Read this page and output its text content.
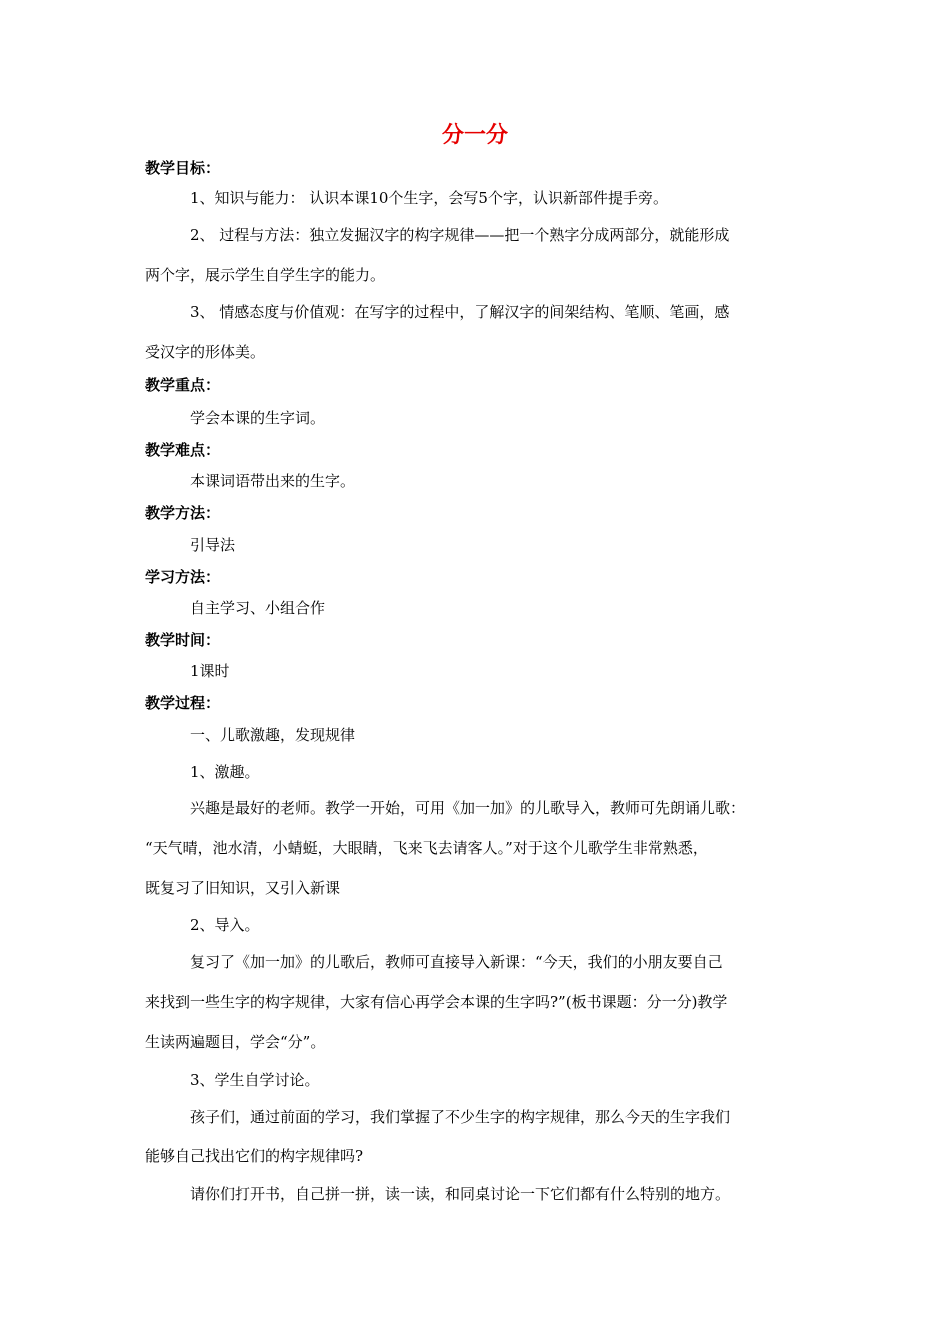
分一分
教学目标：
1、知识与能力： 认识本课10个生字，会写5个字，认识新部件提手旁。
2、 过程与方法：独立发掘汉字的构字规律——把一个熟字分成两部分，就能形成
两个字，展示学生自学生字的能力。
3、 情感态度与价值观：在写字的过程中，了解汉字的间架结构、笔顺、笔画，感
受汉字的形体美。
教学重点：
学会本课的生字词。
教学难点：
本课词语带出来的生字。
教学方法：
引导法
学习方法：
自主学习、小组合作
教学时间：
1课时
教学过程：
一、儿歌激趣，发现规律
1、激趣。
兴趣是最好的老师。教学一开始，可用《加一加》的儿歌导入，教师可先朗诵儿歌：
“天气晴，池水清，小蜻蜓，大眼睛，飞来飞去请客人。”对于这个儿歌学生非常熟悉，
既复习了旧知识，又引入新课
2、导入。
复习了《加一加》的儿歌后，教师可直接导入新课：“今天，我们的小朋友要自己
来找到一些生字的构字规律，大家有信心再学会本课的生字吗?”(板书课题：分一分)教学
生读两遍题目，学会“分”。
3、学生自学讨论。
孩子们，通过前面的学习，我们掌握了不少生字的构字规律，那么今天的生字我们
能够自己找出它们的构字规律吗?
请你们打开书，自己拼一拼，读一读，和同桌讨论一下它们都有什么特别的地方。
